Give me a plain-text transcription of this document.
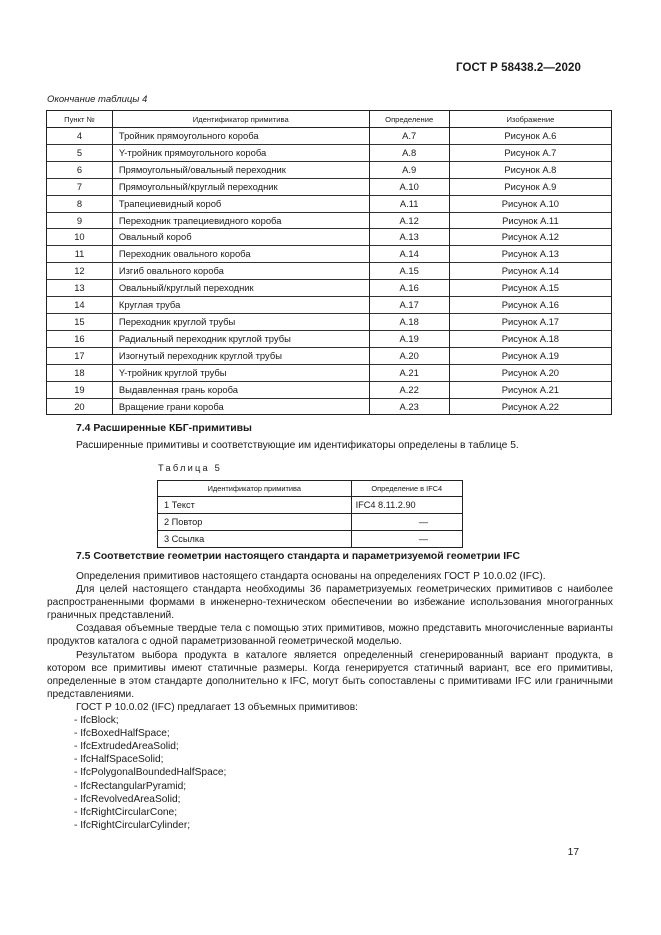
ГОСТ Р 58438.2—2020
Окончание таблицы 4
Пункт №	Идентификатор примитива	Определение	Изображение
4	Тройник прямоугольного короба	A.7	Рисунок A.6
5	Y-тройник прямоугольного короба	A.8	Рисунок A.7
6	Прямоугольный/овальный переходник	A.9	Рисунок A.8
7	Прямоугольный/круглый переходник	A.10	Рисунок A.9
8	Трапециевидный короб	A.11	Рисунок A.10
9	Переходник трапециевидного короба	A.12	Рисунок A.11
10	Овальный короб	A.13	Рисунок A.12
11	Переходник овального короба	A.14	Рисунок A.13
12	Изгиб овального короба	A.15	Рисунок A.14
13	Овальный/круглый переходник	A.16	Рисунок A.15
14	Круглая труба	A.17	Рисунок A.16
15	Переходник круглой трубы	A.18	Рисунок A.17
16	Радиальный переходник круглой трубы	A.19	Рисунок A.18
17	Изогнутый переходник круглой трубы	A.20	Рисунок A.19
18	Y-тройник круглой трубы	A.21	Рисунок A.20
19	Выдавленная грань короба	A.22	Рисунок A.21
20	Вращение грани короба	A.23	Рисунок A.22
7.4 Расширенные КБГ-примитивы
Расширенные примитивы и соответствующие им идентификаторы определены в таблице 5.
Таблица 5
Идентификатор примитива	Определение в IFC4
1 Текст	IFC4 8.11.2.90
2 Повтор	—
3 Ссылка	—
7.5 Соответствие геометрии настоящего стандарта и параметризуемой геометрии IFC

Определения примитивов настоящего стандарта основаны на определениях ГОСТ Р 10.0.02 (IFC).

Для целей настоящего стандарта необходимы 36 параметризуемых геометрических примитивов с наиболее распространенными формами в инженерно-техническом обеспечении во избежание использования многогранных граничных представлений.

Создавая объемные твердые тела с помощью этих примитивов, можно представить многочисленные варианты продуктов каталога с одной параметризованной геометрической моделью.

Результатом выбора продукта в каталоге является определенный сгенерированный вариант продукта, в котором все примитивы имеют статичные размеры. Когда генерируется статичный вариант, все его примитивы, определенные в этом стандарте дополнительно к IFC, могут быть сопоставлены с примитивами IFC или граничными представлениями.

ГОСТ Р 10.0.02 (IFC) предлагает 13 объемных примитивов:

- IfcBlock;
- IfcBoxedHalfSpace;
- IfcExtrudedAreaSolid;
- IfcHalfSpaceSolid;
- IfcPolygonalBoundedHalfSpace;
- IfcRectangularPyramid;
- IfcRevolvedAreaSolid;
- IfcRightCircularCone;
- IfcRightCircularCylinder;
17
